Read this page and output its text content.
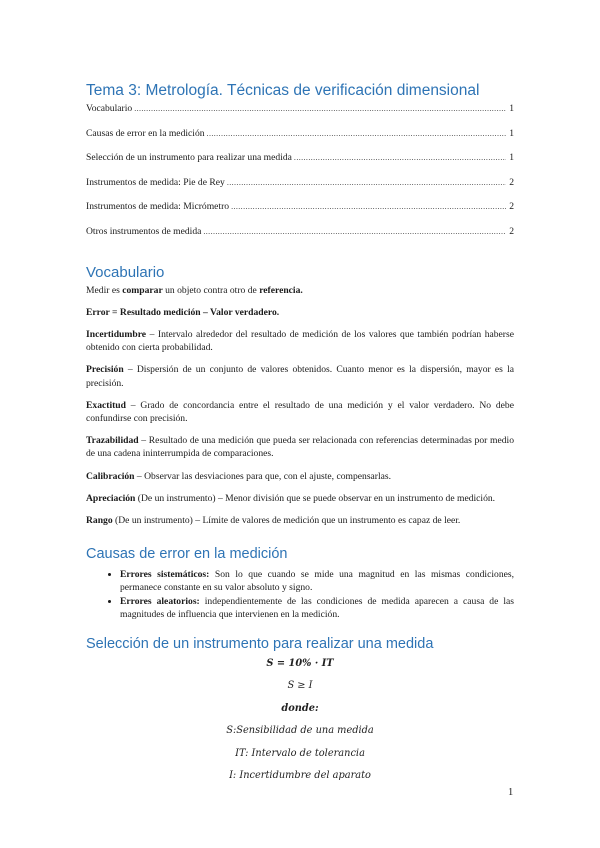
Tema 3: Metrología. Técnicas de verificación dimensional
Vocabulario .....	1
Causas de error en la medición .....	1
Selección de un instrumento para realizar una medida .....	1
Instrumentos de medida: Pie de Rey .....	2
Instrumentos de medida: Micrómetro .....	2
Otros instrumentos de medida .....	2
Vocabulario

Medir es comparar un objeto contra otro de referencia.

Error = Resultado medición – Valor verdadero.

Incertidumbre – Intervalo alrededor del resultado de medición de los valores que también podrían haberse obtenido con cierta probabilidad.

Precisión – Dispersión de un conjunto de valores obtenidos. Cuanto menor es la dispersión, mayor es la precisión.

Exactitud – Grado de concordancia entre el resultado de una medición y el valor verdadero. No debe confundirse con precisión.

Trazabilidad – Resultado de una medición que pueda ser relacionada con referencias determinadas por medio de una cadena ininterrumpida de comparaciones.

Calibración – Observar las desviaciones para que, con el ajuste, compensarlas.

Apreciación (De un instrumento) – Menor división que se puede observar en un instrumento de medición.

Rango (De un instrumento) – Límite de valores de medición que un instrumento es capaz de leer.

Causas de error en la medición
• Errores sistemáticos: Son lo que cuando se mide una magnitud en las mismas condiciones, permanece constante en su valor absoluto y signo.
• Errores aleatorios: independientemente de las condiciones de medida aparecen a causa de las magnitudes de influencia que intervienen en la medición.
Selección de un instrumento para realizar una medida
S = 10% · IT
S ≥ I
donde:
S:Sensibilidad de una medida
IT: Intervalo de tolerancia
I: Incertidumbre del aparato
1
